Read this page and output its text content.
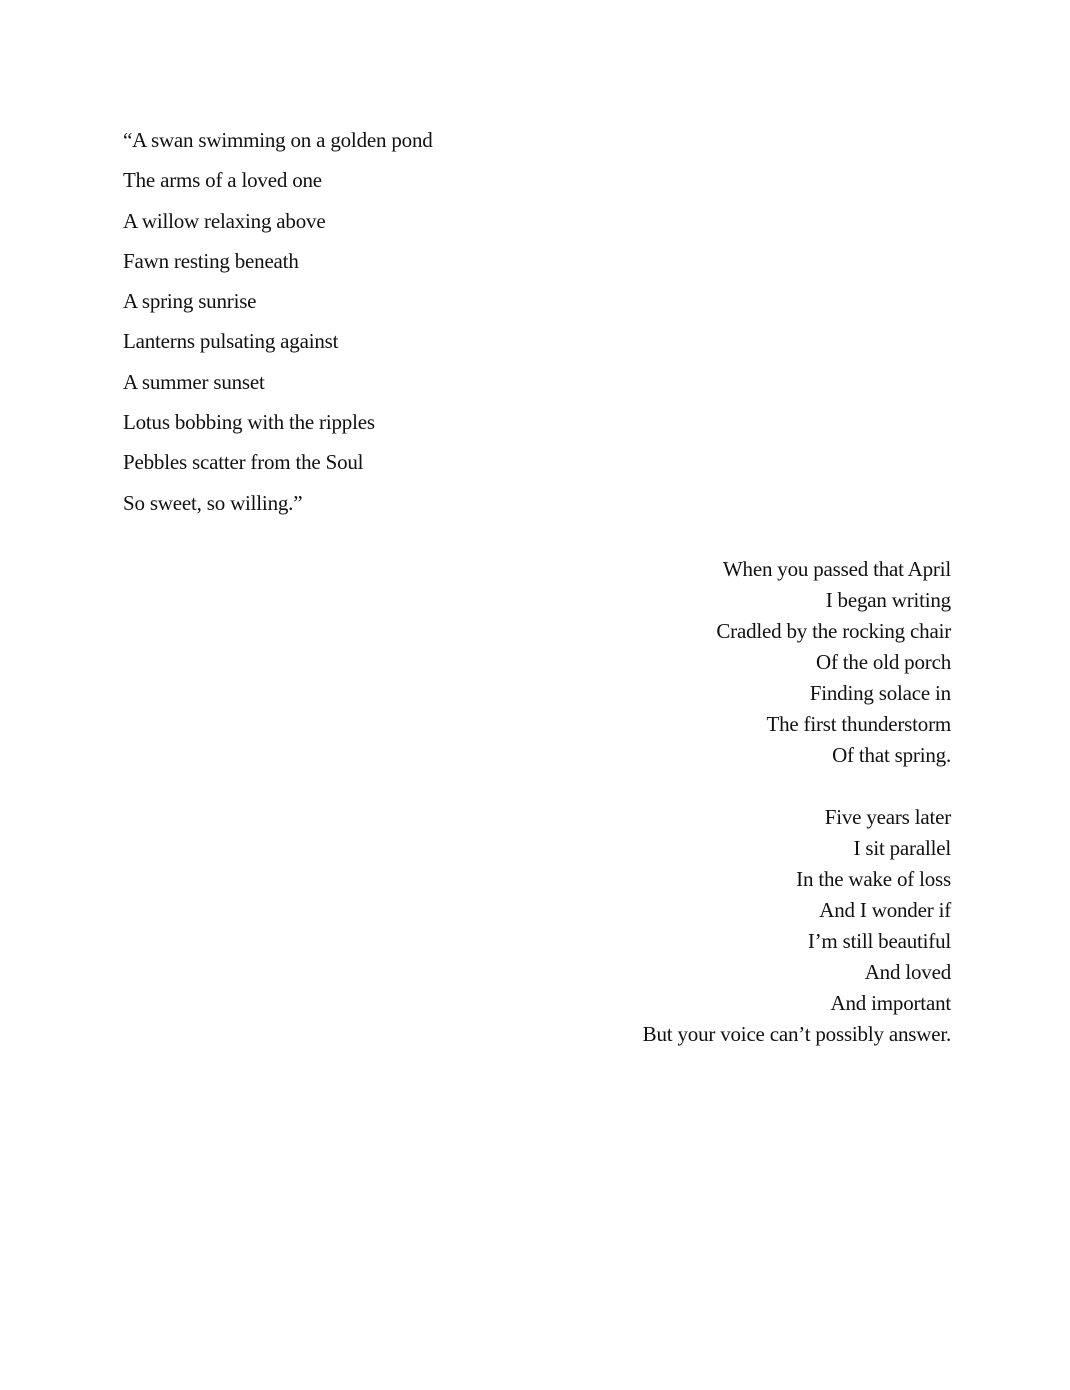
“A swan swimming on a golden pond
The arms of a loved one
A willow relaxing above
Fawn resting beneath
A spring sunrise
Lanterns pulsating against
A summer sunset
Lotus bobbing with the ripples
Pebbles scatter from the Soul
So sweet, so willing.”
When you passed that April
I began writing
Cradled by the rocking chair
Of the old porch
Finding solace in
The first thunderstorm
Of that spring.
Five years later
I sit parallel
In the wake of loss
And I wonder if
I’m still beautiful
And loved
And important
But your voice can’t possibly answer.
